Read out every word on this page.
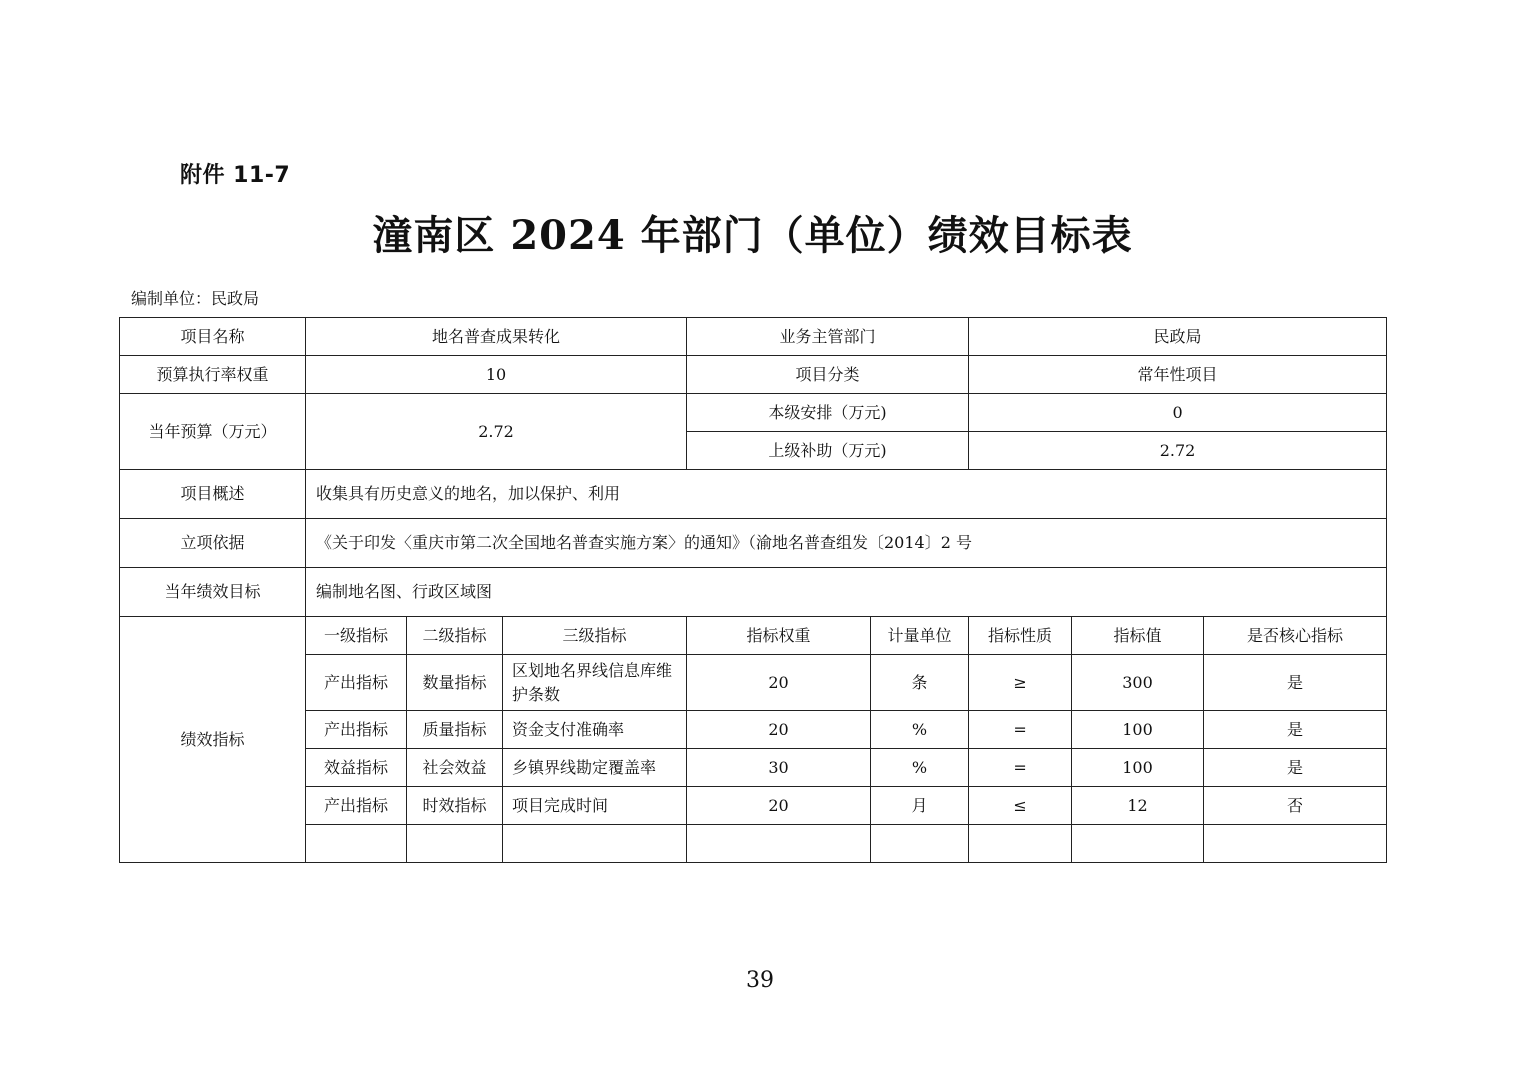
附件 11-7
潼南区 2024 年部门（单位）绩效目标表
编制单位：民政局
项目名称	地名普查成果转化			业务主管部门		民政局		
预算执行率权重	10			项目分类		常年性项目		
当年预算（万元）	2.72			本级安排（万元)		0		
				上级补助（万元)		2.72		
项目概述	收集具有历史意义的地名，加以保护、利用							
立项依据	《关于印发〈重庆市第二次全国地名普查实施方案〉的通知》（渝地名普查组发〔2014〕2 号							
当年绩效目标	编制地名图、行政区域图							
绩效指标	一级指标	二级指标	三级指标	指标权重	计量单位	指标性质	指标值	是否核心指标
	产出指标	数量指标	区划地名界线信息库维护条数	20	条	≥	300	是
	产出指标	质量指标	资金支付准确率	20	%	=	100	是
	效益指标	社会效益	乡镇界线勘定覆盖率	30	%	=	100	是
	产出指标	时效指标	项目完成时间	20	月	≤	12	否

39
